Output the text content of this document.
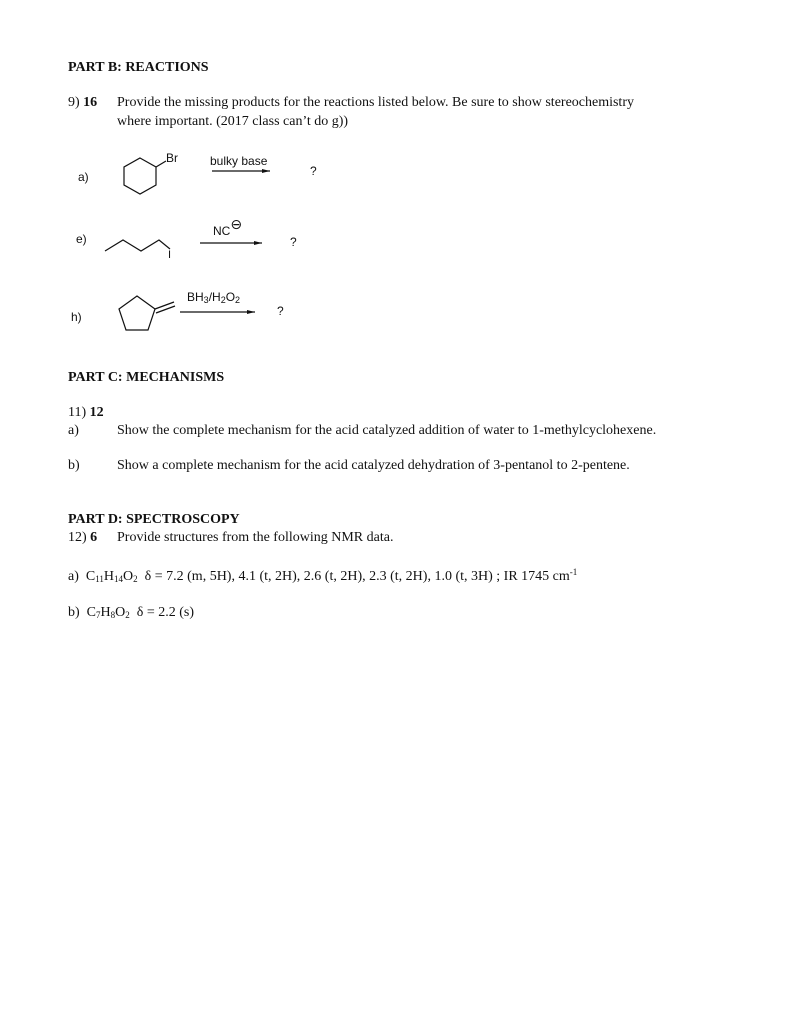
PART B: REACTIONS
9) 16 Provide the missing products for the reactions listed below. Be sure to show stereochemistry
where important. (2017 class can’t do g))
a)
Br	bulky base
?
e)
I
NC⊖
?
h)
$BH_3/H_2O_2$
?
PART C: MECHANISMS
11) 12
a)	Show the complete mechanism for the acid catalyzed addition of water to 1-methylcyclohexene.
b)	Show a complete mechanism for the acid catalyzed dehydration of 3-pentanol to 2-pentene.
PART D: SPECTROSCOPY
12) 6 Provide structures from the following NMR data.
a) $C_{11}H_{14}O_2$ δ = 7.2 (m, 5H), 4.1 (t, 2H), 2.6 (t, 2H), 2.3 (t, 2H), 1.0 (t, 3H) ; IR 1745 $cm^{-1}$
b) $C_7H_8O_2$ δ = 2.2 (s)
